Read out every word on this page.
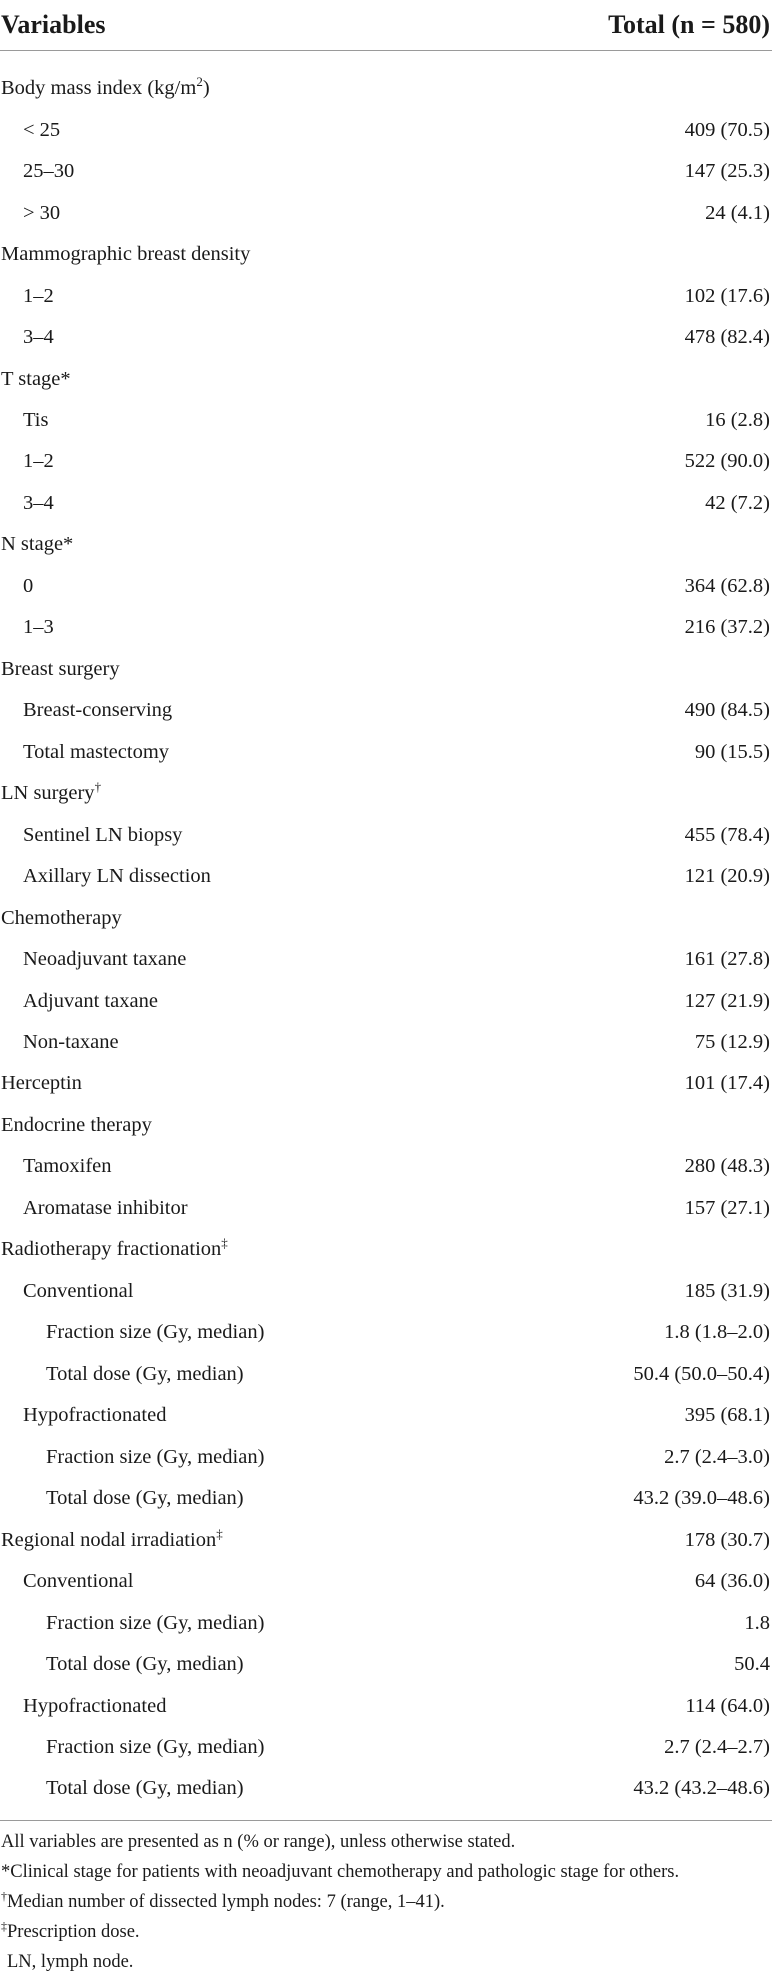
Variables	Total (n = 580)
Body mass index $(kg/m^2)$
< 25	409 (70.5)
25–30	147 (25.3)
> 30	24 (4.1)
Mammographic breast density
1–2	102 (17.6)
3–4	478 (82.4)
T stage*
Tis	16 (2.8)
1–2	522 (90.0)
3–4	42 (7.2)
N stage*
0	364 (62.8)
1–3	216 (37.2)
Breast surgery
Breast-conserving	490 (84.5)
Total mastectomy	90 (15.5)
LN surgery†
Sentinel LN biopsy	455 (78.4)
Axillary LN dissection	121 (20.9)
Chemotherapy
Neoadjuvant taxane	161 (27.8)
Adjuvant taxane	127 (21.9)
Non-taxane	75 (12.9)
Herceptin	101 (17.4)
Endocrine therapy
Tamoxifen	280 (48.3)
Aromatase inhibitor	157 (27.1)
Radiotherapy fractionation‡
Conventional	185 (31.9)
Fraction size (Gy, median)	1.8 (1.8–2.0)
Total dose (Gy, median)	50.4 (50.0–50.4)
Hypofractionated	395 (68.1)
Fraction size (Gy, median)	2.7 (2.4–3.0)
Total dose (Gy, median)	43.2 (39.0–48.6)
Regional nodal irradiation‡	178 (30.7)
Conventional	64 (36.0)
Fraction size (Gy, median)	1.8
Total dose (Gy, median)	50.4
Hypofractionated	114 (64.0)
Fraction size (Gy, median)	2.7 (2.4–2.7)
Total dose (Gy, median)	43.2 (43.2–48.6)
All variables are presented as n (% or range), unless otherwise stated.
*Clinical stage for patients with neoadjuvant chemotherapy and pathologic stage for others.
†Median number of dissected lymph nodes: 7 (range, 1–41).
‡Prescription dose.
LN, lymph node.
